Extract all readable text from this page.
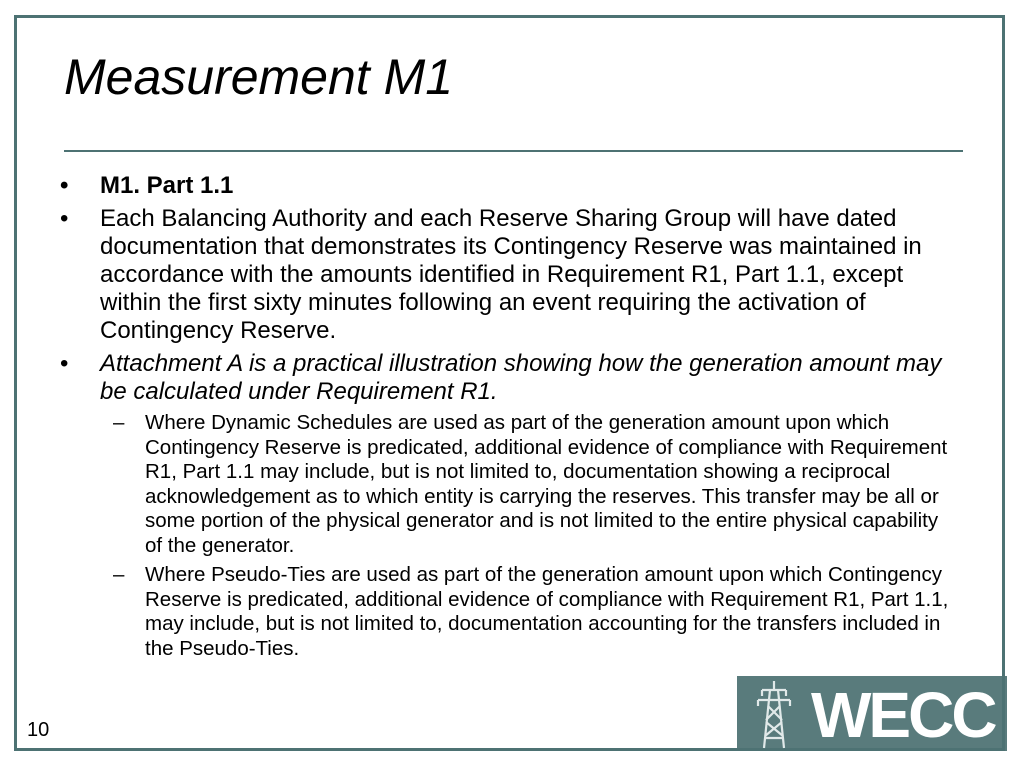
Measurement M1
• M1. Part 1.1
• Each Balancing Authority and each Reserve Sharing Group will have dated documentation that demonstrates its Contingency Reserve was maintained in accordance with the amounts identified in Requirement R1, Part 1.1, except within the first sixty minutes following an event requiring the activation of Contingency Reserve.
• Attachment A is a practical illustration showing how the generation amount may be calculated under Requirement R1.
– Where Dynamic Schedules are used as part of the generation amount upon which Contingency Reserve is predicated, additional evidence of compliance with Requirement R1, Part 1.1 may include, but is not limited to, documentation showing a reciprocal acknowledgement as to which entity is carrying the reserves. This transfer may be all or some portion of the physical generator and is not limited to the entire physical capability of the generator.
– Where Pseudo-Ties are used as part of the generation amount upon which Contingency Reserve is predicated, additional evidence of compliance with Requirement R1, Part 1.1, may include, but is not limited to, documentation accounting for the transfers included in the Pseudo-Ties.
10	WECC
